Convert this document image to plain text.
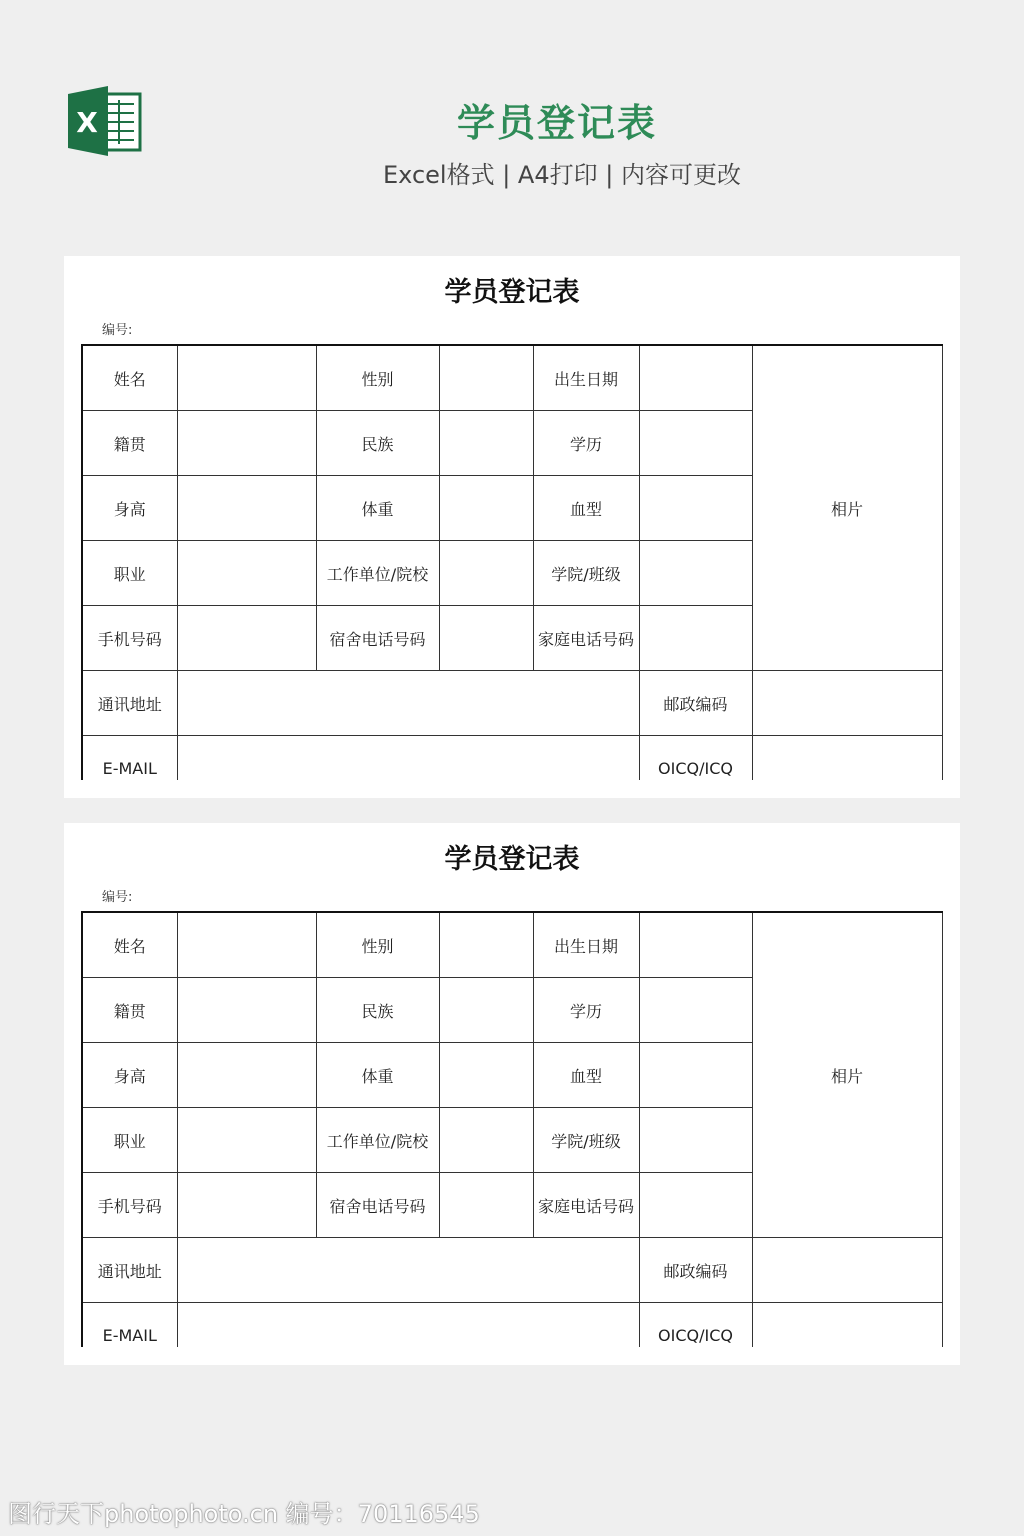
X	学员登记表
Excel格式 | A4打印 | 内容可更改
学员登记表
编号:
姓名		性别		出生日期		相片
籍贯		民族		学历		
身高		体重		血型		
职业		工作单位/院校		学院/班级		
手机号码		宿舍电话号码		家庭电话号码		
通讯地址					邮政编码	
E-MAIL					OICQ/ICQ	
学员登记表
编号:
姓名		性别		出生日期		相片
籍贯		民族		学历		
身高		体重		血型		
职业		工作单位/院校		学院/班级		
手机号码		宿舍电话号码		家庭电话号码		
通讯地址					邮政编码	
E-MAIL					OICQ/ICQ	
图行天下photophoto.cn 编号：70116545
